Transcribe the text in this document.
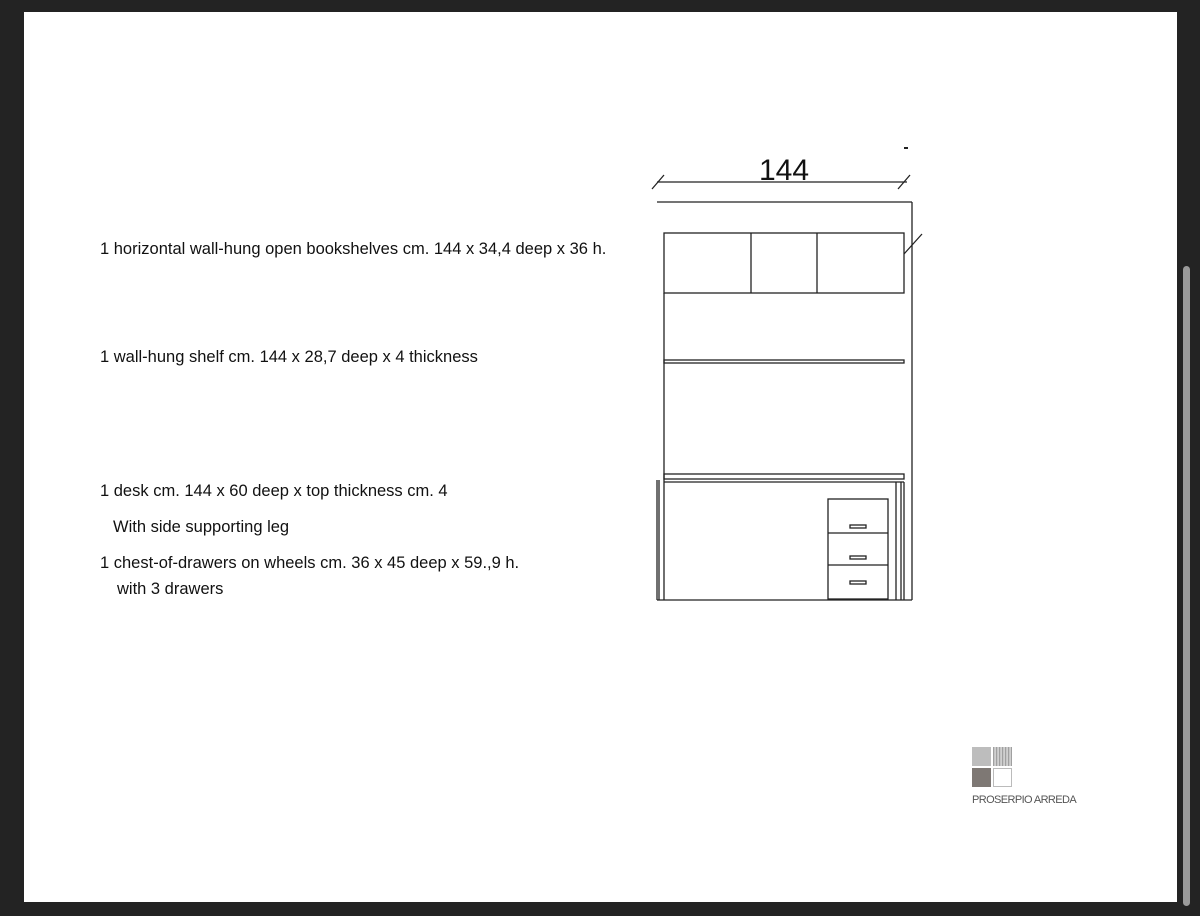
1 horizontal wall-hung open bookshelves cm. 144 x 34,4 deep x 36 h.
1 wall-hung shelf cm. 144 x 28,7 deep x 4 thickness
1 desk cm. 144 x 60 deep x top thickness cm. 4
With side supporting leg
1 chest-of-drawers on wheels cm. 36 x 45 deep x 59.,9 h.
with 3 drawers
144
PROSERPIO ARREDA
